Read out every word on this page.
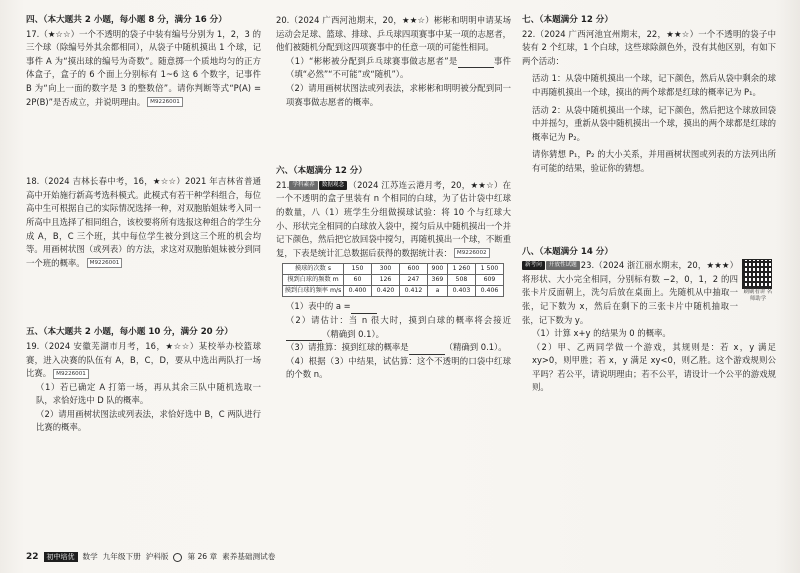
四、（本大题共 2 小题，每小题 8 分，满分 16 分）

17.（★☆☆）一个不透明的袋子中装有编号分别为 1，2，3 的三个球（除编号外其余都相同），从袋子中随机摸出 1 个球，记事件 A 为“摸出球的编号为奇数”。随意掷一个质地均匀的正方体盒子，盒子的 6 个面上分别标有 1~6 这 6 个数字，记事件 B 为“向上一面的数字是 3 的整数倍”。请你判断等式“P(A) = 2P(B)”是否成立，并说明理由。 M9226001

18.（2024 吉林长春中考，16，★☆☆）2021 年吉林省普通高中开始施行新高考选科模式。此模式有若干种学科组合，每位高中生可根据自己的实际情况选择一种，对双胞胎姐妹考入同一所高中且选择了相同组合，该校要将所有选报这种组合的学生分成 A，B，C 三个班，其中每位学生被分到这三个班的机会均等。用画树状图（或列表）的方法，求这对双胞胎姐妹被分到同一个班的概率。 M9226001

五、（本大题共 2 小题，每小题 10 分，满分 20 分）

19.（2024 安徽芜湖市月考，16，★☆☆）某校举办校篮球赛，进入决赛的队伍有 A，B，C，D，要从中选出两队打一场比赛。 M9226001

（1）若已确定 A 打第一场，再从其余三队中随机选取一队，求恰好选中 D 队的概率。

（2）请用画树状图法或列表法，求恰好选中 B，C 两队进行比赛的概率。

20.（2024 广西河池期末，20，★★☆）彬彬和明明申请某场运动会足球、篮球、排球、乒乓球四项赛事中某一项的志愿者，他们被随机分配到这四项赛事中的任意一项的可能性相同。

（1）“彬彬被分配到乒乓球赛事做志愿者”是	事件（填“必然”“不可能”或“随机”）。

（2）请用画树状图法或列表法，求彬彬和明明被分配到同一项赛事做志愿者的概率。

六、（本题满分 12 分）

21. 学科素养 数据观念 （2024 江苏连云港月考，20，★★☆）在一个不透明的盒子里装有 n 个相同的白球，为了估计袋中红球的数量，八（1）班学生分组做摸球试验：将 10 个与红球大小、形状完全相同的白球放入袋中，搅匀后从中随机摸出一个并记下颜色，然后把它放回袋中搅匀，再随机摸出一个球，不断重复，下表是统计汇总数据后获得的数据统计表： M9226002

摸球的次数 s	150	300	600	900	1 260	1 500
摸到白球的频数 m	60	126	247	369	508	609
摸到白球的频率 m/s	0.400	0.420	0.412	a	0.403	0.406

（1）表中的 a =

（2）请估计：当 n 很大时，摸到白球的概率将会接近（精确到 0.1）。

（3）请推算：摸到红球的概率是	（精确到 0.1）。

（4）根据（3）中结果，试估算：这个不透明的口袋中红球的个数 n。

七、（本题满分 12 分）

22.（2024 广西河池宜州期末，22，★★☆）一个不透明的袋子中装有 2 个红球，1 个白球，这些球除颜色外，没有其他区别，有如下两个活动：

活动 1：从袋中随机摸出一个球，记下颜色，然后从袋中剩余的球中再随机摸出一个球，摸出的两个球都是红球的概率记为 P₁。

活动 2：从袋中随机摸出一个球，记下颜色，然后把这个球放回袋中并摇匀，重新从袋中随机摸出一个球，摸出的两个球都是红球的概率记为 P₂。

请你猜想 P₁，P₂ 的大小关系，并用画树状图或列表的方法列出所有可能的结果，验证你的猜想。

八、（本题满分 14 分）

刷刷看讲 名师助学

新考向 开放性试题 23.（2024 浙江丽水期末，20，★★★）将形状、大小完全相同，分别标有数 −2，0，1，2 的四张卡片反面朝上，洗匀后放在桌面上。先随机从中抽取一张，记下数为 x，然后在剩下的三张卡片中随机抽取一张，记下数为 y。

（1）计算 x+y 的结果为 0 的概率。

（2）甲、乙两同学做一个游戏，其规则是：若 x，y 满足 xy>0，则甲胜；若 x，y 满足 xy<0，则乙胜。这个游戏规则公平吗？若公平，请说明理由；若不公平，请设计一个公平的游戏规则。

22	初中培优	数学 九年级下册 沪科版	第 26 章 素养基础测试卷
